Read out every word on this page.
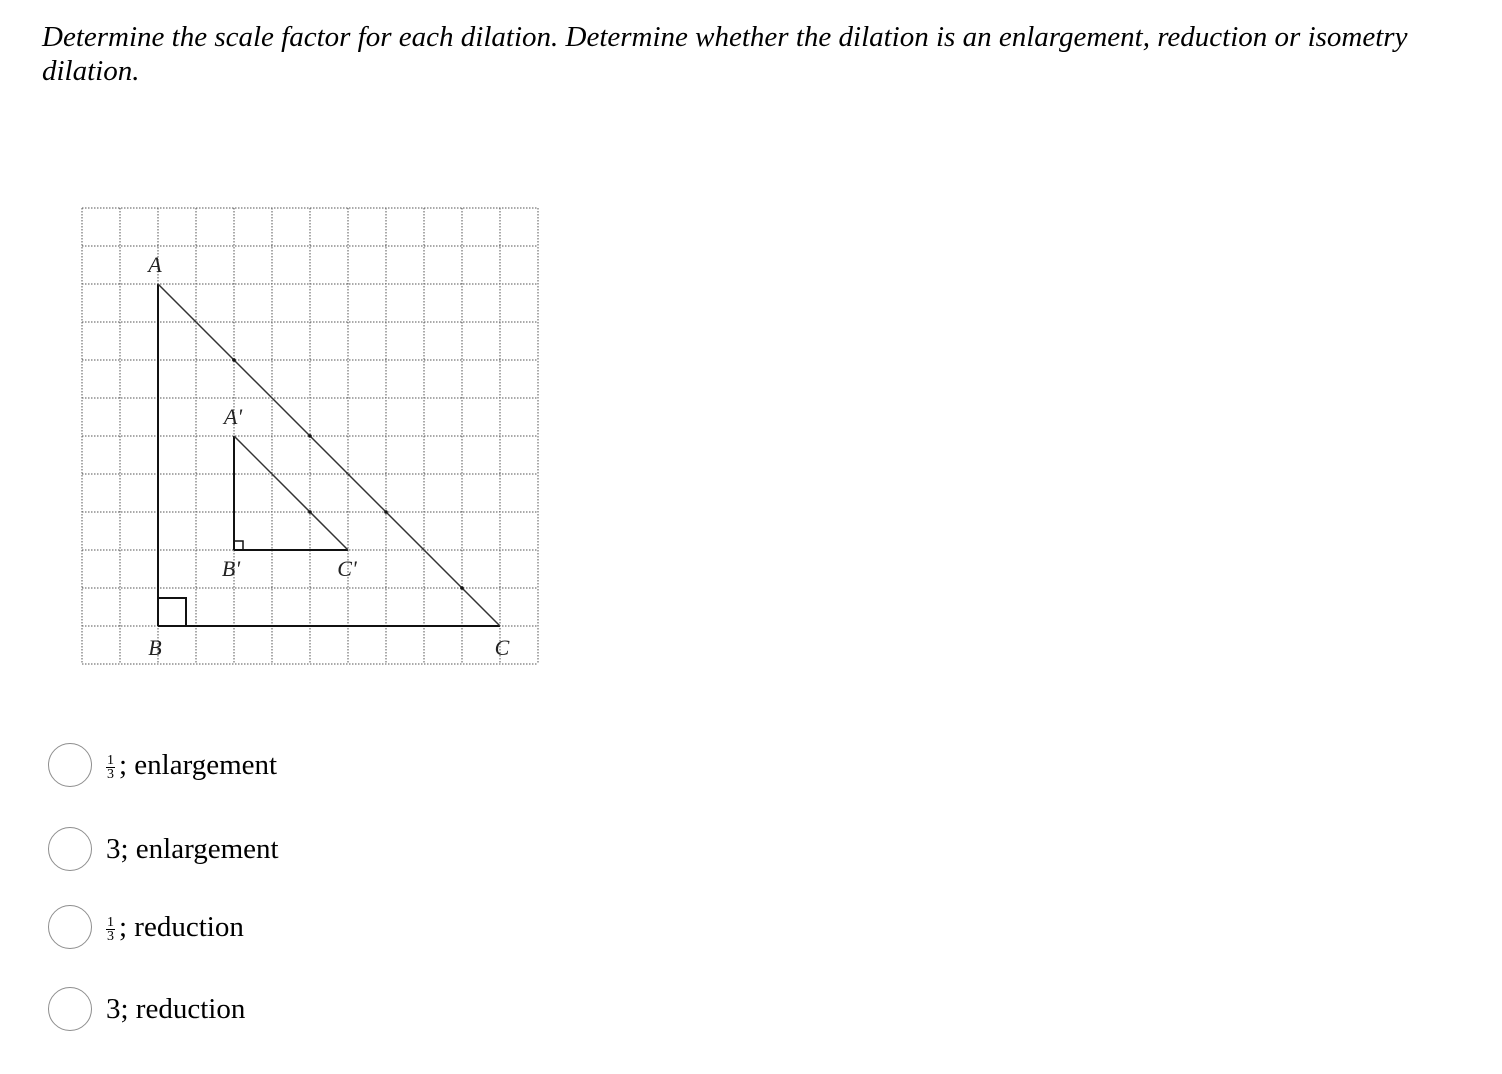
Determine the scale factor for each dilation. Determine whether the dilation is an enlargement, reduction or isometry dilation.

A
B	C
A'
B'	C'
$\frac{1}{3}$ ; enlargement
3 ; enlargement
$\frac{1}{3}$ ; reduction
3 ; reduction
